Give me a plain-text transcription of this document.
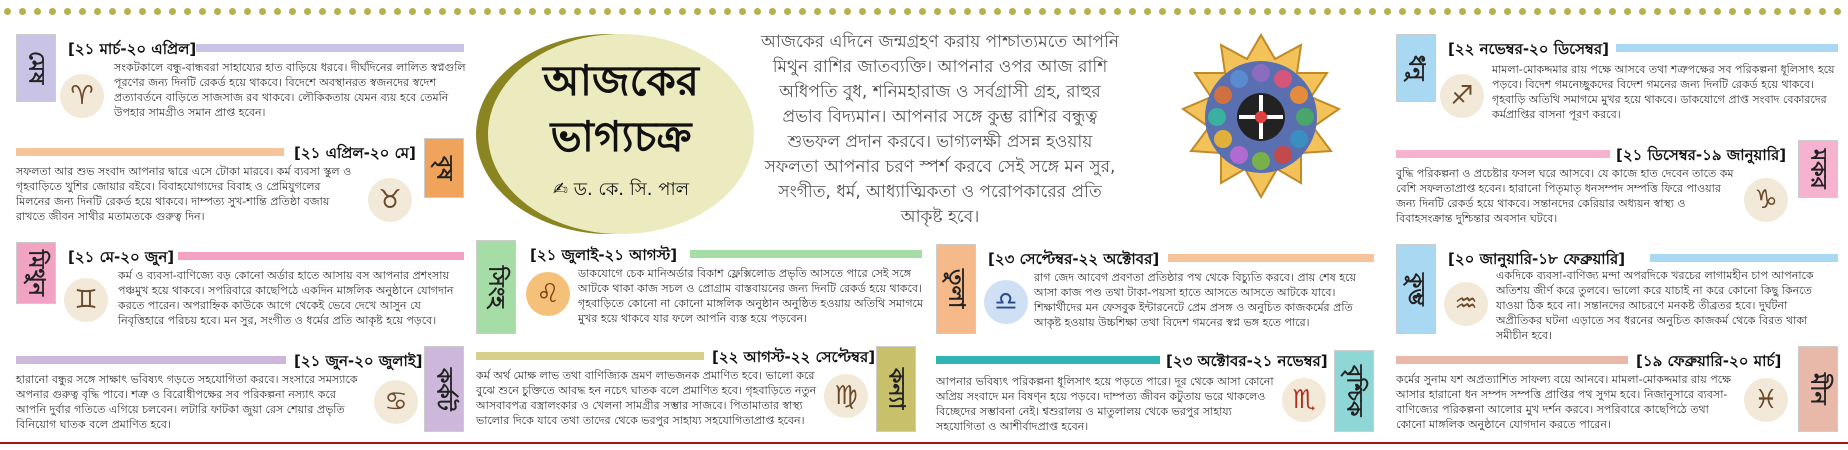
আজকের
ভাগ্যচক্র
✍ ড. কে. সি. পাল
আজকের এদিনে জন্মগ্রহণ করায় পাশ্চাত্যমতে আপনি মিথুন রাশির জাতব্যক্তি। আপনার ওপর আজ রাশি অধিপতি বুধ, শনিমহারাজ ও সর্বগ্রাসী গ্রহ, রাহুর প্রভাব বিদ্যমান। আপনার সঙ্গে কুম্ভ রাশির বন্ধুত্ব শুভফল প্রদান করবে। ভাগ্যলক্ষী প্রসন্ন হওয়ায় সফলতা আপনার চরণ স্পর্শ করবে সেই সঙ্গে মন সুর, সংগীত, ধর্ম, আধ্যাত্মিকতা ও পরোপকারের প্রতি আকৃষ্ট হবে।
মেষ
[২১ মার্চ-২০ এপ্রিল]
♈
সংকটকালে বন্ধু-বান্ধবরা সাহায্যের হাত বাড়িয়ে ধরবে। দীর্ঘদিনের লালিত স্বপ্নগুলি পূরণের জন্য দিনটি রেকর্ড হয়ে থাকবে। বিদেশে অবস্থানরত স্বজনদের স্বদেশ প্রত্যাবর্তনে বাড়িতে সাজসাজ রব থাকবে। লৌকিকতায় যেমন ব্যয় হবে তেমনি উপহার সামগ্রীও সমান প্রাপ্ত হবেন।
[২১ এপ্রিল-২০ মে]
বৃষ
সফলতা আর শুভ সংবাদ আপনার দ্বারে এসে টোকা মারবে। কর্ম ব্যবসা স্কুল ও গৃহবাড়িতে খুশির জোয়ার বইবে। বিবাহযোগ্যদের বিবাহ ও প্রেমিযুগলের মিলনের জন্য দিনটি রেকর্ড হয়ে থাকবে। দাম্পত্য সুখ-শান্তি প্রতিষ্ঠা বজায় রাখতে জীবন সাথীর মতামতকে গুরুত্ব দিন।
♉
মিথুন	[২১ মে-২০ জুন]
♊
কর্ম ও ব্যবসা-বাণিজ্যে বড় কোনো অর্ডার হাতে আসায় বস আপনার প্রশংসায় পঞ্চমুখ হয়ে থাকবে। সপরিবারে কাছেপিঠে একদিন মাঙ্গলিক অনুষ্ঠানে যোগদান করতে পারেন। অপরাহ্নিক কাউকে আগে থেকেই ভেবে দেখে আসুন যে নিবৃত্তিহারে পরিচয় হবে। মন সুর, সংগীত ও ধর্মের প্রতি আকৃষ্ট হয়ে পড়বে।
[২১ জুন-২০ জুলাই]
কর্কট
হারানো বন্ধুর সঙ্গে সাক্ষাৎ ভবিষ্যৎ গড়তে সহযোগিতা করবে। সংসারে সমস্যাকে অপনার গুরুত্ব বৃদ্ধি পাবে। শত্রু ও বিরোধীপক্ষের সব পরিকল্পনা নস্যাৎ করে আপনি দুর্বার গতিতে এগিয়ে চলবেন। লটারি ফাটকা জুয়া রেস শেয়ার প্রভৃতি বিনিয়োগ ঘাতক বলে প্রমাণিত হবে।
♋
সিংহ
[২১ জুলাই-২১ আগস্ট]
♌
ডাকযোগে চেক মানিঅর্ডার বিকাশ ফ্লেক্সিলোড প্রভৃতি আসতে পারে সেই সঙ্গে আটকে থাকা কাজ সচল ও প্রোগ্রাম বাস্তবায়নের জন্য দিনটি রেকর্ড হয়ে থাকবে। গৃহবাড়িতে কোনো না কোনো মাঙ্গলিক অনুষ্ঠান অনুষ্ঠিত হওয়ায় অতিথি সমাগমে মুখর হয়ে থাকবে যার ফলে আপনি ব্যস্ত হয়ে পড়বেন।
[২২ আগস্ট-২২ সেপ্টেম্বর]
কন্যা
কর্ম অর্থ মোক্ষ লাভ তথা বাণিজ্যিক ভ্রমণ লাভজনক প্রমাণিত হবে। ভালো করে বুঝে শুনে চুক্তিতে আবদ্ধ হন নচেৎ ঘাতক বলে প্রমাণিত হবে। গৃহবাড়িতে নতুন আসবাবপত্র বস্ত্রালংকার ও খেলনা সামগ্রীর সম্ভার সাজবে। পিতামাতার স্বাস্থ্য ভালোর দিকে যাবে তথা তাদের থেকে ভরপুর সাহায্য সহযোগিতাপ্রাপ্ত হবেন।
♍
তুলা
[২৩ সেপ্টেম্বর-২২ অক্টোবর]
♎
রাগ জেদ আবেগ প্রবণতা প্রতিষ্ঠার পথ থেকে বিচ্যুতি করবে। প্রায় শেষ হয়ে আসা কাজ পণ্ড তথা টাকা-পয়সা হাতে আসতে আসতে আটকে যাবে। শিক্ষার্থীদের মন ফেসবুক ইন্টারনেটে প্রেম প্রসঙ্গ ও অনুচিত কাজকর্মের প্রতি আকৃষ্ট হওয়ায় উচ্চশিক্ষা তথা বিদেশ গমনের স্বপ্ন ভঙ্গ হতে পারে।
[২৩ অক্টোবর-২১ নভেম্বর]
বৃশ্চিক
আপনার ভবিষ্যৎ পরিকল্পনা ধূলিসাৎ হয়ে পড়তে পারে। দূর থেকে আসা কোনো অপ্রিয় সংবাদে মন বিষণ্ন হয়ে পড়বে। দাম্পত্য জীবন কটুতায় ভরে থাকলেও বিচ্ছেদের সম্ভাবনা নেই। শ্বশুরালয় ও মাতুলালয় থেকে ভরপুর সাহায্য সহযোগিতা ও আশীর্বাদপ্রাপ্ত হবেন।
♏
ধনু
[২২ নভেম্বর-২০ ডিসেম্বর]
♐
মামলা-মোকদ্দমার রায় পক্ষে আসবে তথা শত্রুপক্ষের সব পরিকল্পনা ধূলিসাৎ হয়ে পড়বে। বিদেশ গমনেচ্ছুকদের বিদেশ গমনের জন্য দিনটি রেকর্ড হয়ে থাকবে। গৃহবাড়ি অতিথি সমাগমে মুখর হয়ে থাকবে। ডাকযোগে প্রাপ্ত সংবাদ বেকারদের কর্মপ্রাপ্তির বাসনা পূরণ করবে।
[২১ ডিসেম্বর-১৯ জানুয়ারি] মকর
বুদ্ধি পরিকল্পনা ও প্রচেষ্টার ফসল ঘরে আসবে। যে কাজে হাত দেবেন তাতে কম বেশি সফলতাপ্রাপ্ত হবেন। হারানো পিতৃমাতৃ ধনসম্পদ সম্পত্তি ফিরে পাওয়ার জন্য দিনটি রেকর্ড হয়ে থাকবে। সন্তানদের কেরিয়ার অধ্যয়ন স্বাস্থ্য ও বিবাহসংক্রান্ত দুশ্চিন্তার অবসান ঘটবে।
♑
কুম্ভ
[২০ জানুয়ারি-১৮ ফেব্রুয়ারি]
♒
একদিকে ব্যবসা-বাণিজ্য মন্দা অপরদিকে খরচের লাগামহীন চাপ আপনাকে অতিশয় জীর্ণ করে তুলবে। ভালো করে যাচাই না করে কোনো কিছু কিনতে যাওয়া ঠিক হবে না। সন্তানদের আচরণে মনকষ্ট তীব্রতর হবে। দুর্ঘটনা অপ্রীতিকর ঘটনা এড়াতে সব ধরনের অনুচিত কাজকর্ম থেকে বিরত থাকা সমীচীন হবে।
[১৯ ফেব্রুয়ারি-২০ মার্চ]
মীন
কর্মের সুনাম যশ অপ্রত্যাশিত সাফল্য বয়ে আনবে। মামলা-মোকদ্দমার রায় পক্ষে আসার হারানো ধন সম্পদ সম্পত্তি প্রাপ্তির পথ সুগম হবে। নিজানুসারে ব্যবসা-বাণিজ্যের পরিকল্পনা আলোর মুখ দর্শন করবে। সপরিবারে কাছেপিঠে তথা কোনো মাঙ্গলিক অনুষ্ঠানে যোগদান করতে পারেন।
♓
